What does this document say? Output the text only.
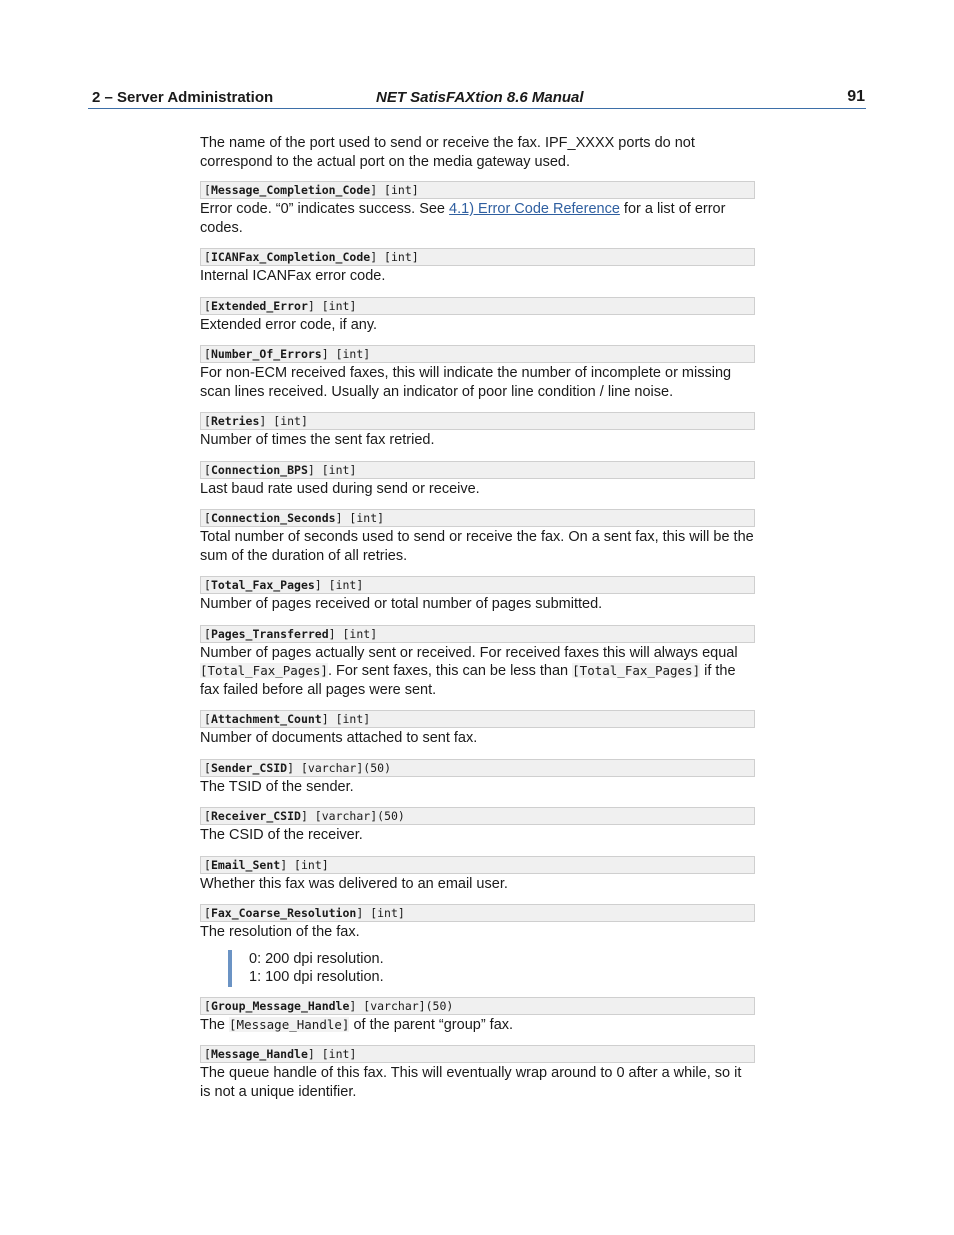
2 – Server Administration	NET SatisFAXtion 8.6 Manual	91

The name of the port used to send or receive the fax. IPF_XXXX ports do not correspond to the actual port on the media gateway used.

[Message_Completion_Code] [int]

Error code. “0” indicates success. See 4.1) Error Code Reference for a list of error codes.

[ICANFax_Completion_Code] [int]

Internal ICANFax error code.

[Extended_Error] [int]

Extended error code, if any.

[Number_Of_Errors] [int]

For non-ECM received faxes, this will indicate the number of incomplete or missing scan lines received. Usually an indicator of poor line condition / line noise.

[Retries] [int]

Number of times the sent fax retried.

[Connection_BPS] [int]

Last baud rate used during send or receive.

[Connection_Seconds] [int]

Total number of seconds used to send or receive the fax. On a sent fax, this will be the sum of the duration of all retries.

[Total_Fax_Pages] [int]

Number of pages received or total number of pages submitted.

[Pages_Transferred] [int]

Number of pages actually sent or received. For received faxes this will always equal [Total_Fax_Pages]. For sent faxes, this can be less than [Total_Fax_Pages] if the fax failed before all pages were sent.

[Attachment_Count] [int]

Number of documents attached to sent fax.

[Sender_CSID] [varchar](50)

The TSID of the sender.

[Receiver_CSID] [varchar](50)

The CSID of the receiver.

[Email_Sent] [int]

Whether this fax was delivered to an email user.

[Fax_Coarse_Resolution] [int]

The resolution of the fax.

0: 200 dpi resolution.
1: 100 dpi resolution.
[Group_Message_Handle] [varchar](50)

The [Message_Handle] of the parent “group” fax.

[Message_Handle] [int]

The queue handle of this fax. This will eventually wrap around to 0 after a while, so it is not a unique identifier.
